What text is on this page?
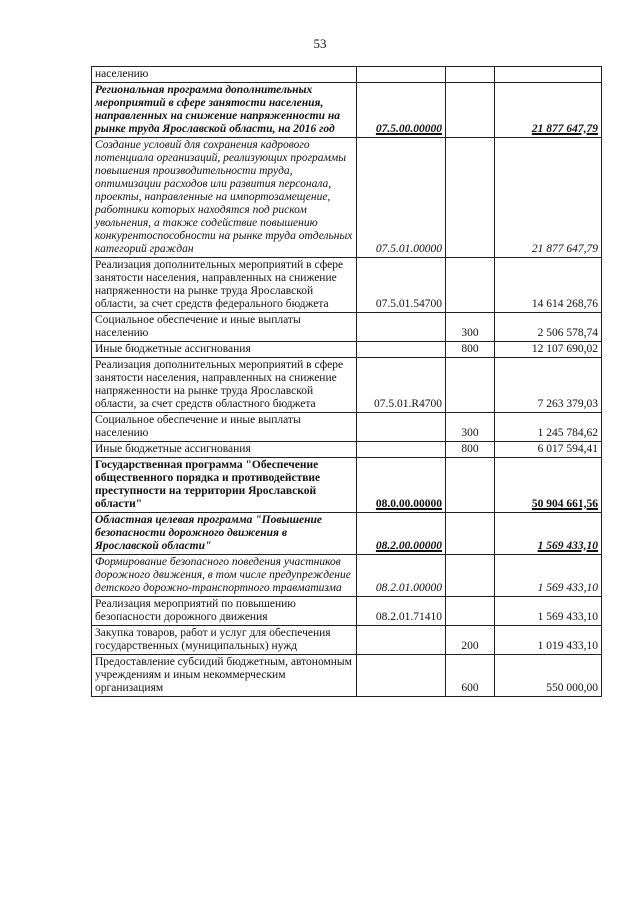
53
населению			
Региональная программа дополнительных мероприятий в сфере занятости населения, направленных на снижение напряженности на рынке труда Ярославской области, на 2016 год	07.5.00.00000		21 877 647,79
Создание условий для сохранения кадрового потенциала организаций, реализующих программы повышения производительности труда, оптимизации расходов или развития персонала, проекты, направленные на импортозамещение, работники которых находятся под риском увольнения, а также содействие повышению конкурентоспособности на рынке труда отдельных категорий граждан	07.5.01.00000		21 877 647,79
Реализация дополнительных мероприятий в сфере занятости населения, направленных на снижение напряженности на рынке труда Ярославской области, за счет средств федерального бюджета	07.5.01.54700		14 614 268,76
Социальное обеспечение и иные выплаты населению		300	2 506 578,74
Иные бюджетные ассигнования		800	12 107 690,02
Реализация дополнительных мероприятий в сфере занятости населения, направленных на снижение напряженности на рынке труда Ярославской области, за счет средств областного бюджета	07.5.01.R4700		7 263 379,03
Социальное обеспечение и иные выплаты населению		300	1 245 784,62
Иные бюджетные ассигнования		800	6 017 594,41
Государственная программа "Обеспечение общественного порядка и противодействие преступности на территории Ярославской области"	08.0.00.00000		50 904 661,56
Областная целевая программа "Повышение безопасности дорожного движения в Ярославской области"	08.2.00.00000		1 569 433,10
Формирование безопасного поведения участников дорожного движения, в том числе предупреждение детского дорожно-транспортного травматизма	08.2.01.00000		1 569 433,10
Реализация мероприятий по повышению безопасности дорожного движения	08.2.01.71410		1 569 433,10
Закупка товаров, работ и услуг для обеспечения государственных (муниципальных) нужд		200	1 019 433,10
Предоставление субсидий бюджетным, автономным учреждениям и иным некоммерческим организациям		600	550 000,00
